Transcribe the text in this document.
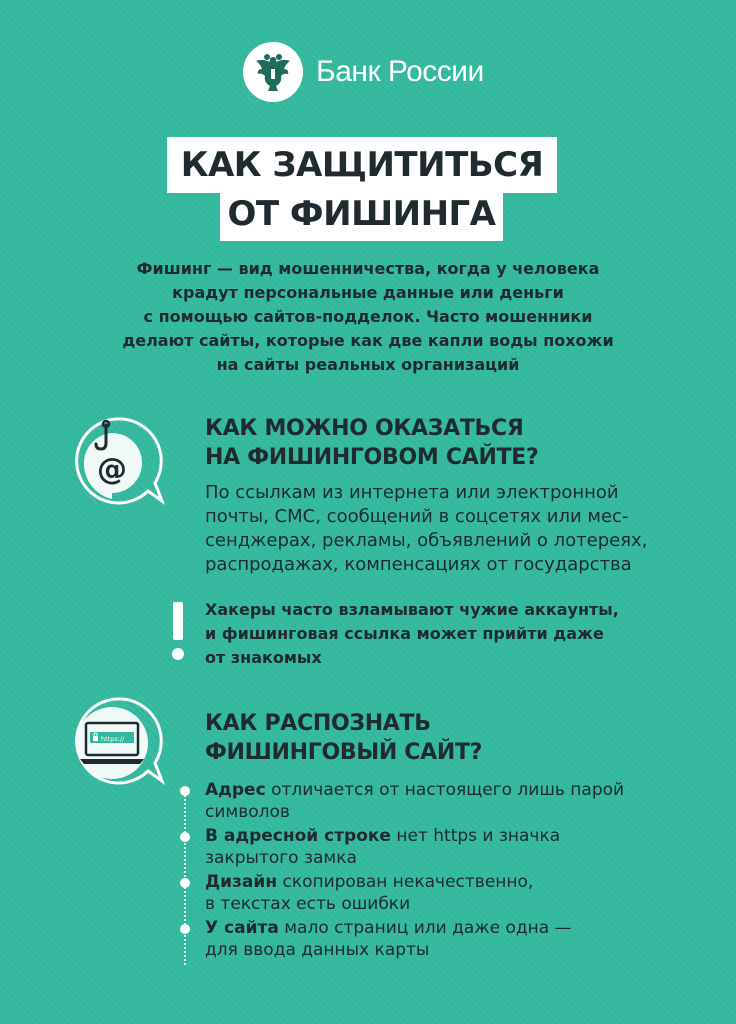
Банк России
КАК ЗАЩИТИТЬСЯ
ОТ ФИШИНГА
Фишинг — вид мошенничества, когда у человека
крадут персональные данные или деньги
с помощью сайтов-подделок. Часто мошенники
делают сайты, которые как две капли воды похожи
на сайты реальных организаций
@
КАК МОЖНО ОКАЗАТЬСЯ
НА ФИШИНГОВОМ САЙТЕ?
По ссылкам из интернета или электронной
почты, СМС, сообщений в соцсетях или мес-
сенджерах, рекламы, объявлений о лотереях,
распродажах, компенсациях от государства
Хакеры часто взламывают чужие аккаунты,
и фишинговая ссылка может прийти даже
от знакомых
https://
КАК РАСПОЗНАТЬ
ФИШИНГОВЫЙ САЙТ?
Адрес отличается от настоящего лишь парой
символов
В адресной строке нет https и значка
закрытого замка
Дизайн скопирован некачественно,
в текстах есть ошибки
У сайта мало страниц или даже одна —
для ввода данных карты
